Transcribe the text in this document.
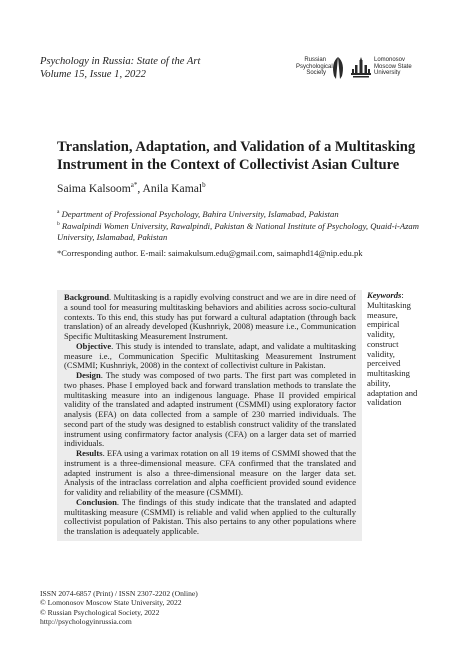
Psychology in Russia: State of the Art
Volume 15, Issue 1, 2022
Russian
Psychological
Society
Lomonosov
Moscow State
University
Translation, Adaptation, and Validation of a Multitasking
Instrument in the Context of Collectivist Asian Culture
Saima Kalsoom$^{a*}$, Anila Kamal$^b$

$^a$ Department of Professional Psychology, Bahira University, Islamabad, Pakistan

$^b$ Rawalpindi Women University, Rawalpindi, Pakistan & National Institute of Psychology, Quaid-i-Azam University, Islamabad, Pakistan

*Corresponding author. E-mail: saimakulsum.edu@gmail.com, saimaphd14@nip.edu.pk

Background. Multitasking is a rapidly evolving construct and we are in dire need of a sound tool for measuring multitasking behaviors and abilities across socio-cultural contexts. To this end, this study has put forward a cultural adaptation (through back translation) of an already developed (Kushnriyk, 2008) measure i.e., Communication Specific Multitasking Measurement Instrument.

Objective. This study is intended to translate, adapt, and validate a multitasking measure i.e., Communication Specific Multitasking Measurement Instrument (CSMMI; Kushnriyk, 2008) in the context of collectivist culture in Pakistan.

Design. The study was composed of two parts. The first part was completed in two phases. Phase I employed back and forward translation methods to translate the multitasking measure into an indigenous language. Phase II provided empirical validity of the translated and adapted instrument (CSMMI) using exploratory factor analysis (EFA) on data collected from a sample of 230 married individuals. The second part of the study was designed to establish construct validity of the translated instrument using confirmatory factor analysis (CFA) on a larger data set of married individuals.

Results. EFA using a varimax rotation on all 19 items of CSMMI showed that the instrument is a three-dimensional measure. CFA confirmed that the translated and adapted instrument is also a three-dimensional measure on the larger data set. Analysis of the intraclass correlation and alpha coefficient provided sound evidence for validity and reliability of the measure (CSMMI).

Conclusion. The findings of this study indicate that the translated and adapted multitasking measure (CSMMI) is reliable and valid when applied to the culturally collectivist population of Pakistan. This also pertains to any other populations where the translation is adequately applicable.

Keywords:
Multitasking
measure,
empirical
validity,
construct
validity,
perceived
multitasking
ability,
adaptation and
validation
ISSN 2074-6857 (Print) / ISSN 2307-2202 (Online)
© Lomonosov Moscow State University, 2022
© Russian Psychological Society, 2022
http://psychologyinrussia.com
